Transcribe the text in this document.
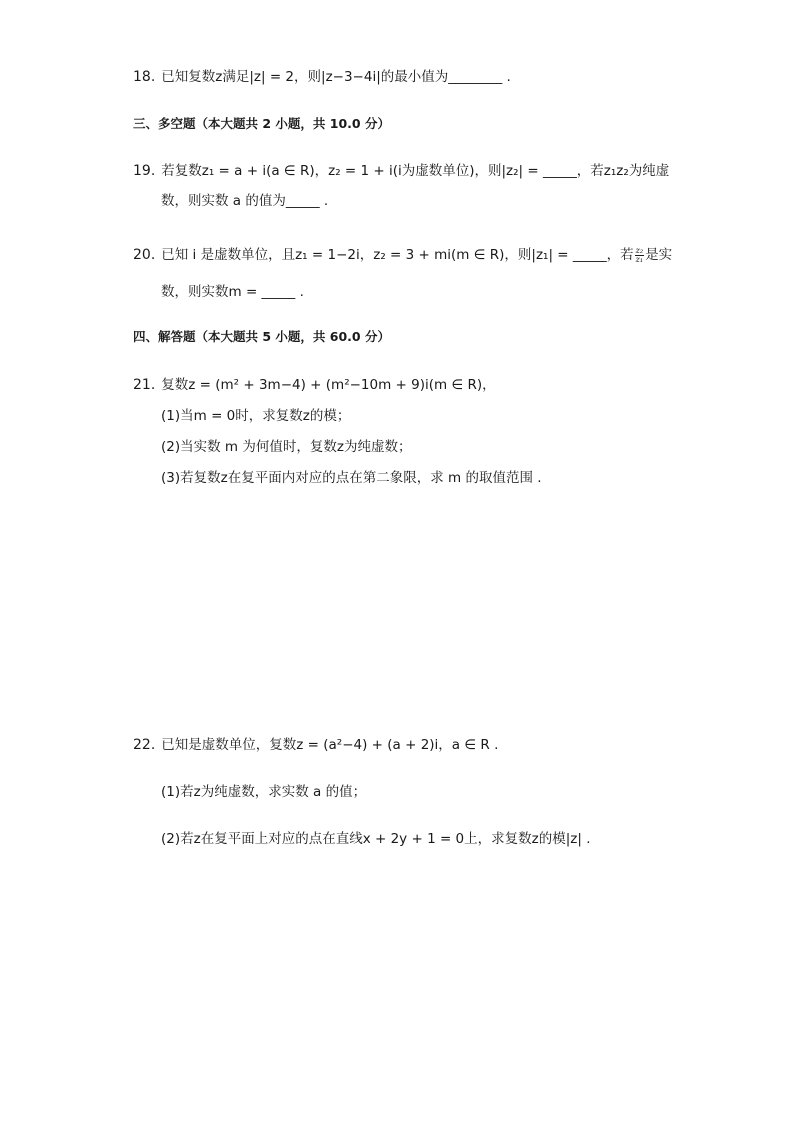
18. 已知复数z满足|z| = 2，则|z−3−4i|的最小值为________ .
三、多空题（本大题共 2 小题，共 10.0 分）
19. 若复数z₁ = a + i(a ∈ R)，z₂ = 1 + i(i为虚数单位)，则|z₂| = _____，若z₁z₂为纯虚
数，则实数 a 的值为_____ .
20. 已知 i 是虚数单位，且z₁ = 1−2i，z₂ = 3 + mi(m ∈ R)，则|z₁| = _____，若 $\frac{\text{z₂}}{\text{z₁}}$ 是实
数，则实数m = _____ .
四、解答题（本大题共 5 小题，共 60.0 分）
21. 复数z = (m² + 3m−4) + (m²−10m + 9)i(m ∈ R)，
(1)当m = 0时，求复数z的模；
(2)当实数 m 为何值时，复数z为纯虚数；
(3)若复数z在复平面内对应的点在第二象限，求 m 的取值范围 .
22. 已知是虚数单位，复数z = (a²−4) + (a + 2)i，a ∈ R .
(1)若z为纯虚数，求实数 a 的值；
(2)若z在复平面上对应的点在直线x + 2y + 1 = 0上，求复数z的模|z| .
